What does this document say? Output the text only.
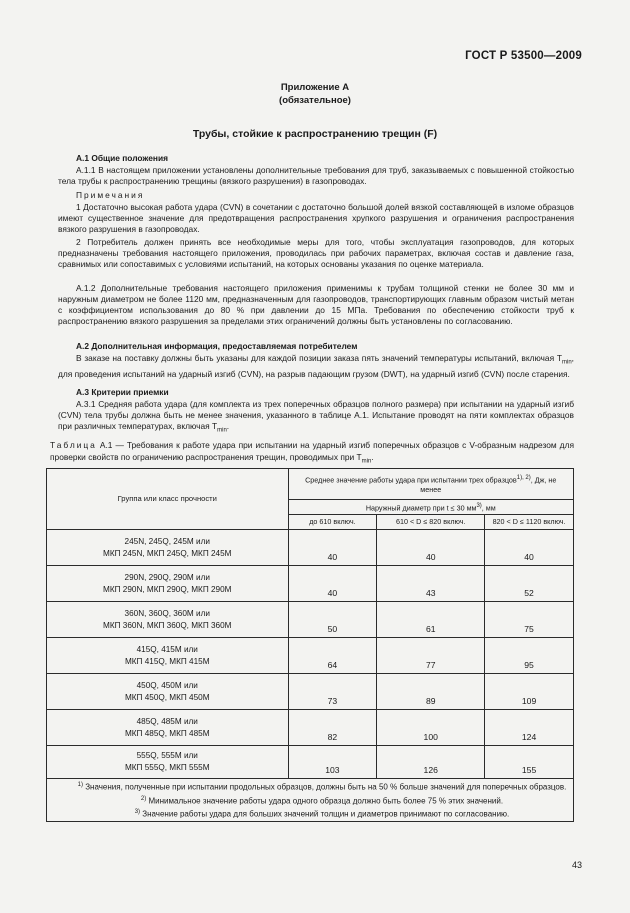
ГОСТ Р 53500—2009
Приложение А
(обязательное)
Трубы, стойкие к распространению трещин (F)
А.1 Общие положения
А.1.1 В настоящем приложении установлены дополнительные требования для труб, заказываемых с повышенной стойкостью тела трубы к распространению трещины (вязкого разрушения) в газопроводах.
Примечания
1 Достаточно высокая работа удара (CVN) в сочетании с достаточно большой долей вязкой составляющей в изломе образцов имеют существенное значение для предотвращения распространения хрупкого разрушения и ограничения распространения вязкого разрушения в газопроводах.
2 Потребитель должен принять все необходимые меры для того, чтобы эксплуатация газопроводов, для которых предназначены требования настоящего приложения, проводилась при рабочих параметрах, включая состав и давление газа, сравнимых или сопоставимых с условиями испытаний, на которых основаны указания по оценке материала.
А.1.2 Дополнительные требования настоящего приложения применимы к трубам толщиной стенки не более 30 мм и наружным диаметром не более 1120 мм, предназначенным для газопроводов, транспортирующих главным образом чистый метан с коэффициентом использования до 80 % при давлении до 15 МПа. Требования по обеспечению стойкости труб к распространению вязкого разрушения за пределами этих ограничений должны быть установлены по согласованию.
А.2 Дополнительная информация, предоставляемая потребителем
В заказе на поставку должны быть указаны для каждой позиции заказа пять значений температуры испытаний, включая $T_{min}$, для проведения испытаний на ударный изгиб (CVN), на разрыв падающим грузом (DWT), на ударный изгиб (CVN) после старения.
А.3 Критерии приемки
А.3.1 Средняя работа удара (для комплекта из трех поперечных образцов полного размера) при испытании на ударный изгиб (CVN) тела трубы должна быть не менее значения, указанного в таблице А.1. Испытание проводят на пяти комплектах образцов при различных температурах, включая $T_{min}$.
Таблица А.1 — Требования к работе удара при испытании на ударный изгиб поперечных образцов с V-образным надрезом для проверки свойств по ограничению распространения трещин, проводимых при $T_{min}$.
Группа или класс прочности	Среднее значение работы удара при испытании трех образцов$^{1), 2)}$, Дж, не менее		
	Наружный диаметр при t ≤ 30 $мм^{3)}$, мм		
	до 610 включ.	610 < D ≤ 820 включ.	820 < D ≤ 1120 включ.

245N, 245Q, 245M или
МКП 245N, МКП 245Q, МКП 245M	40	40	40

290N, 290Q, 290M или
МКП 290N, МКП 290Q, МКП 290M	40	43	52

360N, 360Q, 360M или
МКП 360N, МКП 360Q, МКП 360M	50	61	75

415Q, 415M или
МКП 415Q, МКП 415M	64	77	95

450Q, 450M или
МКП 450Q, МКП 450M	73	89	109

485Q, 485M или
МКП 485Q, МКП 485M	82	100	124

555Q, 555M или
МКП 555Q, МКП 555M	103	126	155

$^{1)}$ Значения, полученные при испытании продольных образцов, должны быть на 50 % больше значений для поперечных образцов.
$^{2)}$ Минимальное значение работы удара одного образца должно быть более 75 % этих значений.
$^{3)}$ Значение работы удара для больших значений толщин и диаметров принимают по согласованию.			
43
